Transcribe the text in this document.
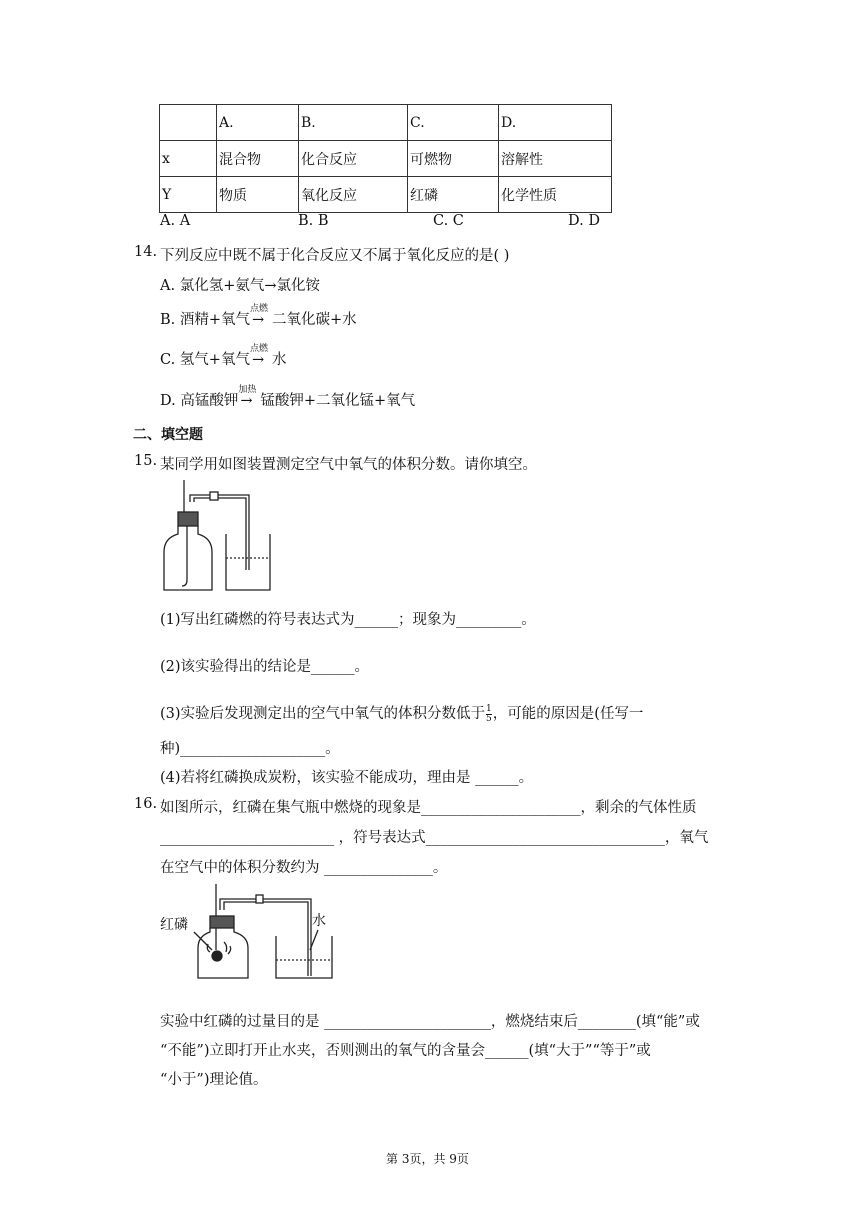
	A.	B.	C.	D.
x	混合物	化合反应	可燃物	溶解性
Y	物质	氧化反应	红磷	化学性质
A. A	B. B	C. C	D. D
14. 下列反应中既不属于化合反应又不属于氧化反应的是( )
A. 氯化氢+氨气→氯化铵
B. 酒精+氧气
点燃
→ 二氧化碳+水
C. 氢气+氧气
点燃
→ 水
D. 高锰酸钾
加热
→ 锰酸钾+二氧化锰+氧气
二、填空题
15. 某同学用如图装置测定空气中氧气的体积分数。请你填空。
(1)写出红磷燃的符号表达式为______；现象为_________。
(2)该实验得出的结论是______。
(3)实验后发现测定出的空气中氧气的体积分数低于 $\frac{1}{5}$ ，可能的原因是(任写一
种)____________________。
(4)若将红磷换成炭粉，该实验不能成功，理由是 ______。
16. 如图所示，红磷在集气瓶中燃烧的现象是______________________，剩余的气体性质
________________________ ，符号表达式_________________________________，氧气
在空气中的体积分数约为 _______________。
红磷	水
实验中红磷的过量目的是 _______________________，燃烧结束后________(填“能”或
“不能”)立即打开止水夹，否则测出的氧气的含量会______(填“大于”“等于”或
“小于”)理论值。
第 3页，共 9页
